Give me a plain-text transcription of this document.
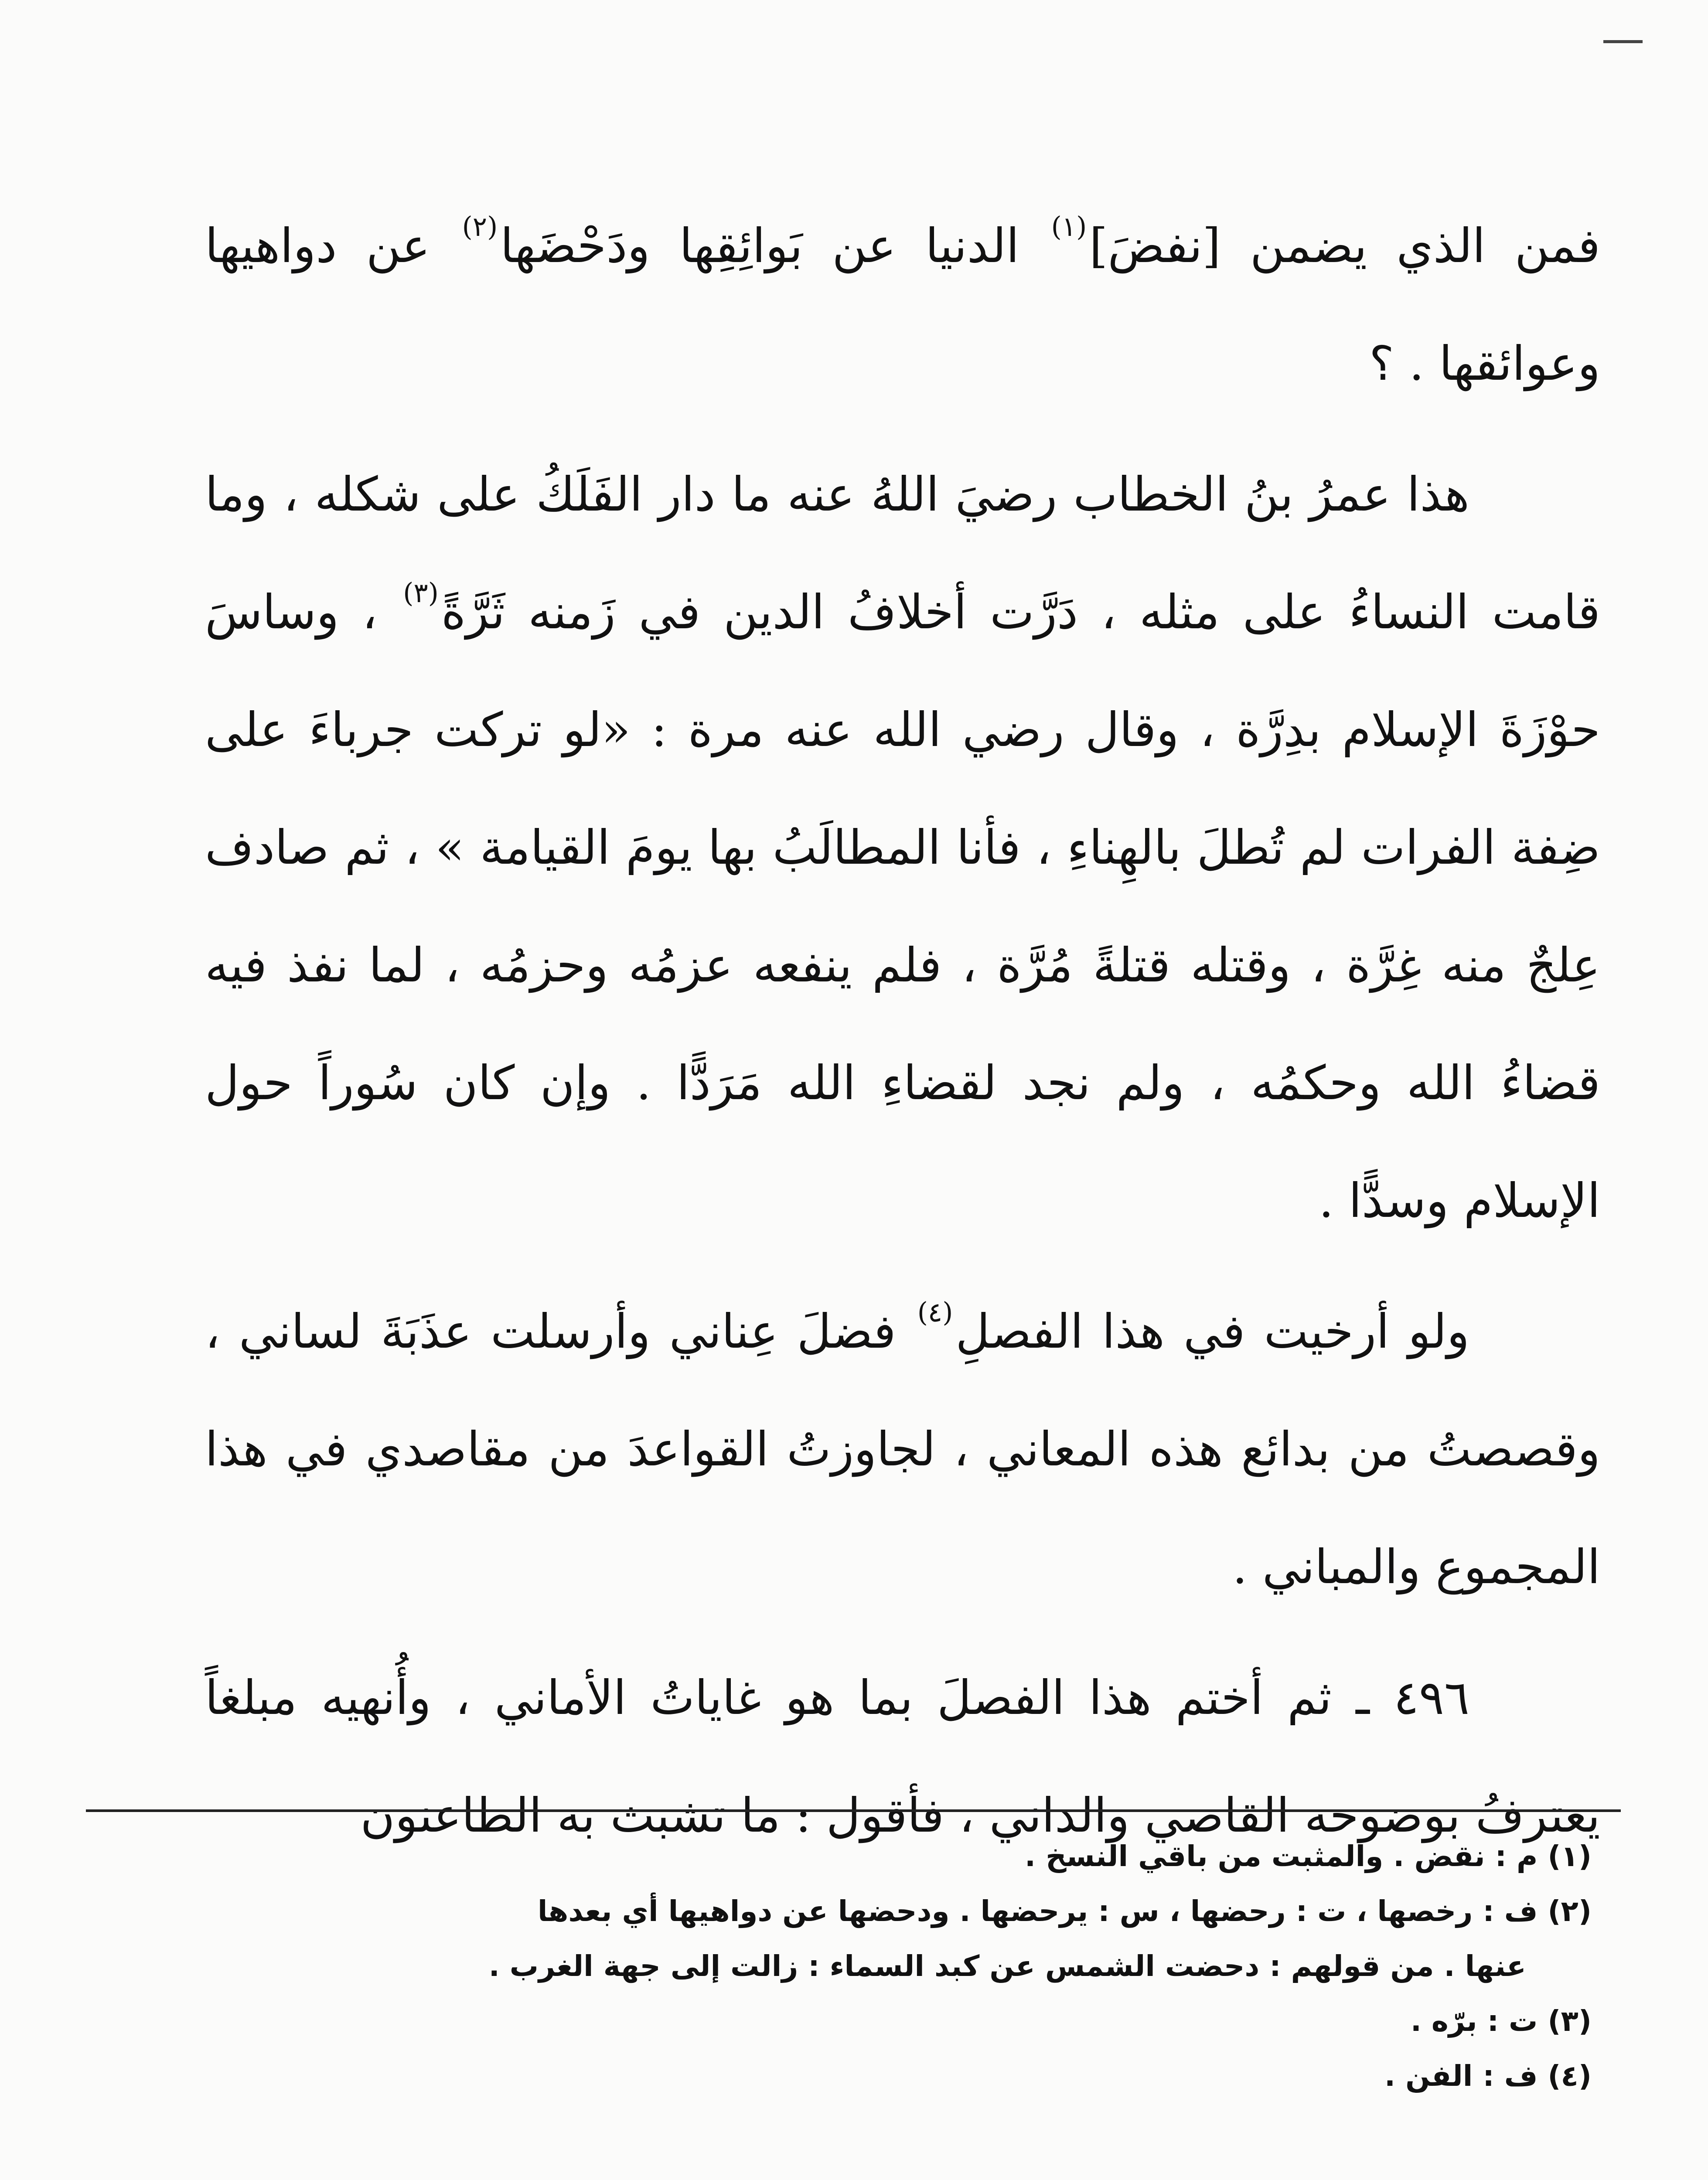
فمن الذي يضمن [نفضَ]$^{(١)}$ الدنيا عن بَوائِقِها ودَحْضَها$^{(٢)}$ عن دواهيها وعوائقها . ؟

هذا عمرُ بنُ الخطاب رضيَ اللهُ عنه ما دار الفَلَكُ على شكله ، وما قامت النساءُ على مثله ، دَرَّت أخلافُ الدين في زَمنه ثَرَّةً$^{(٣)}$ ، وساسَ حوْزَةَ الإسلام بدِرَّة ، وقال رضي الله عنه مرة : «لو تركت جرباءَ على ضِفة الفرات لم تُطلَ بالهِناءِ ، فأنا المطالَبُ بها يومَ القيامة » ، ثم صادف عِلجٌ منه غِرَّة ، وقتله قتلةً مُرَّة ، فلم ينفعه عزمُه وحزمُه ، لما نفذ فيه قضاءُ الله وحكمُه ، ولم نجد لقضاءِ الله مَرَدًّا . وإن كان سُوراً حول الإسلام وسدًّا .

ولو أرخيت في هذا الفصلِ$^{(٤)}$ فضلَ عِناني وأرسلت عذَبَةَ لساني ، وقصصتُ من بدائع هذه المعاني ، لجاوزتُ القواعدَ من مقاصدي في هذا المجموع والمباني .

٤٩٦ ـ ثم أختم هذا الفصلَ بما هو غاياتُ الأماني ، وأُنهيه مبلغاً يعترفُ بوضوحه القاصي والداني ، فأقول : ما تشبث به الطاعنون

(١) م : نقض . والمثبت من باقي النسخ .

(٢) ف : رخصها ، ت : رحضها ، س : يرحضها . ودحضها عن دواهيها أي بعدها

عنها . من قولهم : دحضت الشمس عن كبد السماء : زالت إلى جهة الغرب .

(٣) ت : برّه .

(٤) ف : الفن .
